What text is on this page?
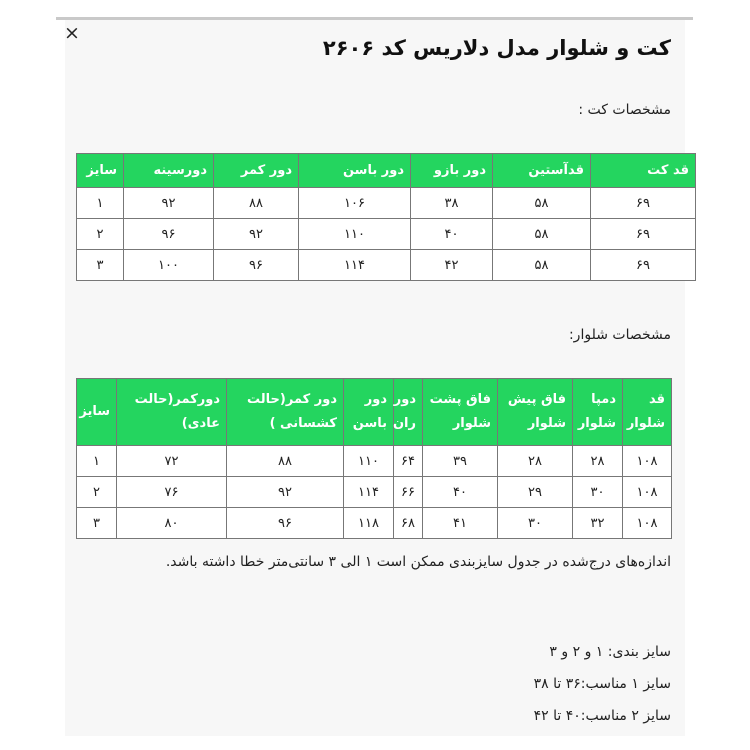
×
کت و شلوار مدل دلاریس کد ۲۶۰۶
مشخصات کت :
قد کت	قدآستین	دور بازو	دور باسن	دور کمر	دورسینه	سایز
۶۹	۵۸	۳۸	۱۰۶	۸۸	۹۲	۱
۶۹	۵۸	۴۰	۱۱۰	۹۲	۹۶	۲
۶۹	۵۸	۴۲	۱۱۴	۹۶	۱۰۰	۳
مشخصات شلوار:
قد شلوار	دمپا شلوار	فاق پیش شلوار	فاق پشت شلوار	دور ران	دور باسن	دور کمر(حالت کشسانی )	دورکمر(حالت عادی)	سایز
۱۰۸	۲۸	۲۸	۳۹	۶۴	۱۱۰	۸۸	۷۲	۱
۱۰۸	۳۰	۲۹	۴۰	۶۶	۱۱۴	۹۲	۷۶	۲
۱۰۸	۳۲	۳۰	۴۱	۶۸	۱۱۸	۹۶	۸۰	۳
اندازه‌های درج‌شده در جدول سایزبندی ممکن است ۱ الی ۳ سانتی‌متر خطا داشته باشد.
سایز بندی: ۱ و ۲ و ۳
سایز ۱ مناسب:۳۶ تا ۳۸
سایز ۲ مناسب:۴۰ تا ۴۲
